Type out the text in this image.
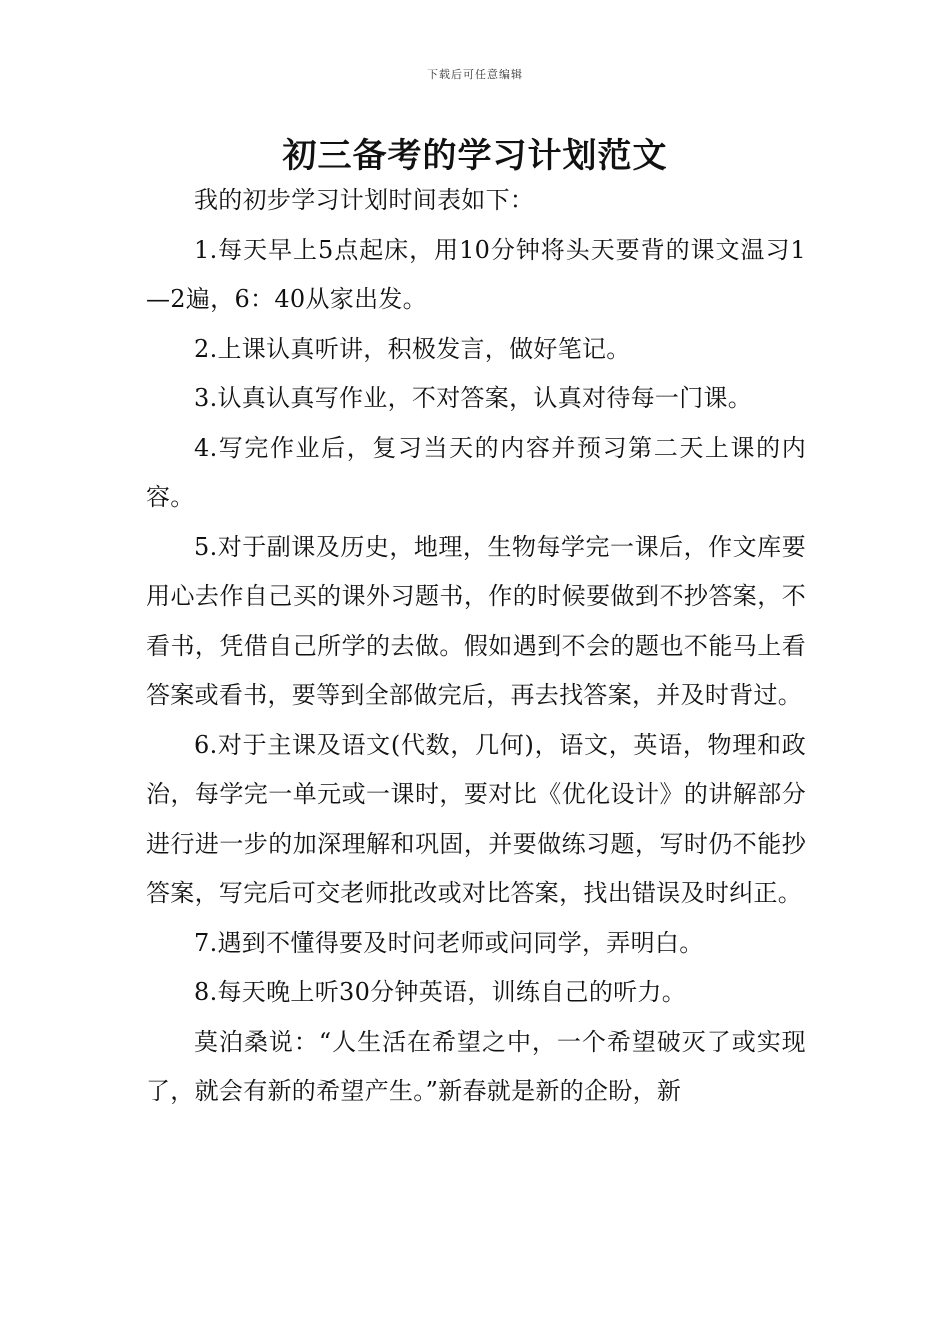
下载后可任意编辑
初三备考的学习计划范文

我的初步学习计划时间表如下：

1.每天早上5点起床，用10分钟将头天要背的课文温习1—2遍，6：40从家出发。

2.上课认真听讲，积极发言，做好笔记。

3.认真认真写作业，不对答案，认真对待每一门课。

4.写完作业后，复习当天的内容并预习第二天上课的内容。

5.对于副课及历史，地理，生物每学完一课后，作文库要用心去作自己买的课外习题书，作的时候要做到不抄答案，不看书，凭借自己所学的去做。假如遇到不会的题也不能马上看答案或看书，要等到全部做完后，再去找答案，并及时背过。

6.对于主课及语文(代数，几何)，语文，英语，物理和政治，每学完一单元或一课时，要对比《优化设计》的讲解部分进行进一步的加深理解和巩固，并要做练习题，写时仍不能抄答案，写完后可交老师批改或对比答案，找出错误及时纠正。

7.遇到不懂得要及时问老师或问同学，弄明白。

8.每天晚上听30分钟英语，训练自己的听力。

莫泊桑说：“人生活在希望之中，一个希望破灭了或实现了，就会有新的希望产生。”新春就是新的企盼，新
